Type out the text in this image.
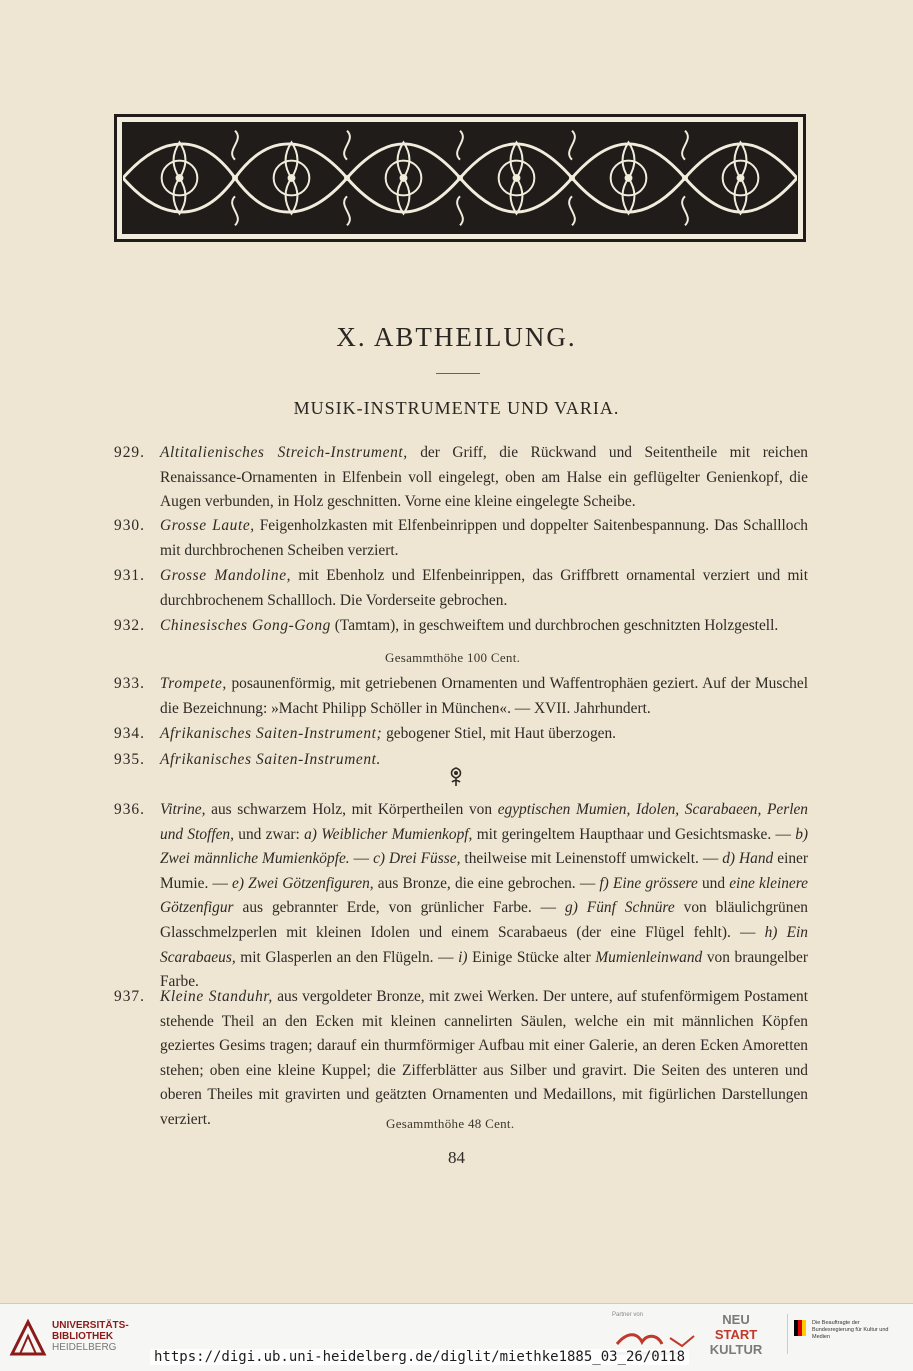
X. ABTHEILUNG.
MUSIK-INSTRUMENTE UND VARIA.
929. Altitalienisches Streich-Instrument, der Griff, die Rückwand und Seitentheile mit reichen Renaissance-Ornamenten in Elfenbein voll eingelegt, oben am Halse ein geflügelter Genienkopf, die Augen verbunden, in Holz geschnitten. Vorne eine kleine eingelegte Scheibe.
930. Grosse Laute, Feigenholzkasten mit Elfenbeinrippen und doppelter Saitenbespannung. Das Schallloch mit durchbrochenen Scheiben verziert.
931. Grosse Mandoline, mit Ebenholz und Elfenbeinrippen, das Griffbrett ornamental verziert und mit durchbrochenem Schallloch. Die Vorderseite gebrochen.
932. Chinesisches Gong-Gong (Tamtam), in geschweiftem und durchbrochen geschnitzten Holzgestell.
Gesammthöhe 100 Cent.
933. Trompete, posaunenförmig, mit getriebenen Ornamenten und Waffentrophäen geziert. Auf der Muschel die Bezeichnung: »Macht Philipp Schöller in München«. — XVII. Jahrhundert.
934. Afrikanisches Saiten-Instrument; gebogener Stiel, mit Haut überzogen.
935. Afrikanisches Saiten-Instrument.
936. Vitrine, aus schwarzem Holz, mit Körpertheilen von egyptischen Mumien, Idolen, Scarabaeen, Perlen und Stoffen, und zwar: a) Weiblicher Mumienkopf, mit geringeltem Haupthaar und Gesichtsmaske. — b) Zwei männliche Mumienköpfe. — c) Drei Füsse, theilweise mit Leinenstoff umwickelt. — d) Hand einer Mumie. — e) Zwei Götzenfiguren, aus Bronze, die eine gebrochen. — f) Eine grössere und eine kleinere Götzenfigur aus gebrannter Erde, von grünlicher Farbe. — g) Fünf Schnüre von bläulichgrünen Glasschmelzperlen mit kleinen Idolen und einem Scarabaeus (der eine Flügel fehlt). — h) Ein Scarabaeus, mit Glasperlen an den Flügeln. — i) Einige Stücke alter Mumienleinwand von braungelber Farbe.
937. Kleine Standuhr, aus vergoldeter Bronze, mit zwei Werken. Der untere, auf stufenförmigem Postament stehende Theil an den Ecken mit kleinen cannelirten Säulen, welche ein mit männlichen Köpfen geziertes Gesims tragen; darauf ein thurmförmiger Aufbau mit einer Galerie, an deren Ecken Amoretten stehen; oben eine kleine Kuppel; die Zifferblätter aus Silber und gravirt. Die Seiten des unteren und oberen Theiles mit gravirten und geätzten Ornamenten und Medaillons, mit figürlichen Darstellungen verziert.	Gesammthöhe 48 Cent.
84
UNIVERSITÄTS-
BIBLIOTHEK
HEIDELBERG
Partner von	NEU
START
KULTUR
Die Beauftragte der Bundesregierung für Kultur und Medien
https://digi.ub.uni-heidelberg.de/diglit/miethke1885_03_26/0118
